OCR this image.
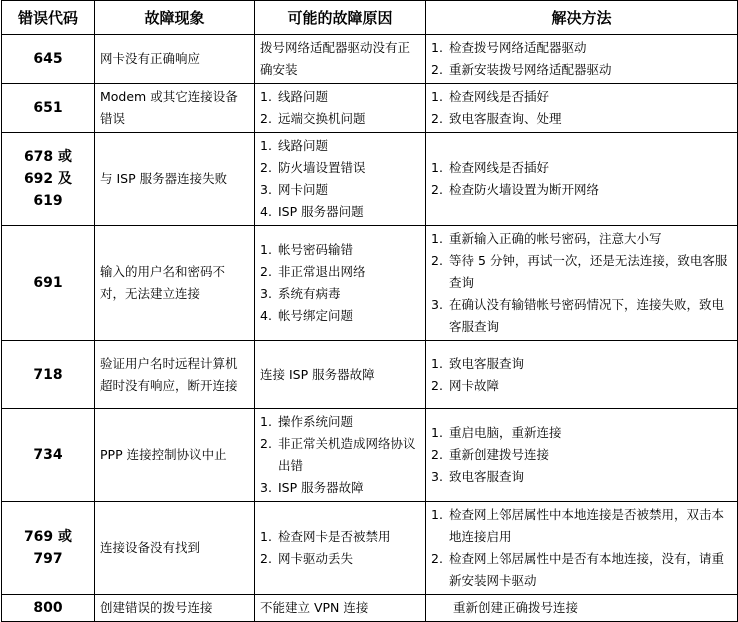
错误代码	故障现象	可能的故障原因	解决方法
645	网卡没有正确响应	拨号网络适配器驱动没有正确安装	1. 检查拨号网络适配器驱动
2. 重新安装拨号网络适配器驱动

651	Modem 或其它连接设备错误	1. 线路问题
2. 远端交换机问题	1. 检查网线是否插好
2. 致电客服查询、处理

678 或 692 及 619	与 ISP 服务器连接失败	1. 线路问题
2. 防火墙设置错误
3. 网卡问题
4. ISP 服务器问题	1. 检查网线是否插好
2. 检查防火墙设置为断开网络

691	输入的用户名和密码不对，无法建立连接	1. 帐号密码输错
2. 非正常退出网络
3. 系统有病毒
4. 帐号绑定问题	1. 重新输入正确的帐号密码，注意大小写
2. 等待 5 分钟，再试一次，还是无法连接，致电客服查询
3. 在确认没有输错帐号密码情况下，连接失败，致电客服查询

718	验证用户名时远程计算机超时没有响应，断开连接	连接 ISP 服务器故障	1. 致电客服查询
2. 网卡故障

734	PPP 连接控制协议中止	1. 操作系统问题
2. 非正常关机造成网络协议出错
3. ISP 服务器故障	1. 重启电脑，重新连接
2. 重新创建拨号连接
3. 致电客服查询

769 或 797	连接设备没有找到	1. 检查网卡是否被禁用
2. 网卡驱动丢失	1. 检查网上邻居属性中本地连接是否被禁用，双击本地连接启用
2. 检查网上邻居属性中是否有本地连接，没有，请重新安装网卡驱动

800	创建错误的拨号连接	不能建立 VPN 连接	重新创建正确拨号连接
